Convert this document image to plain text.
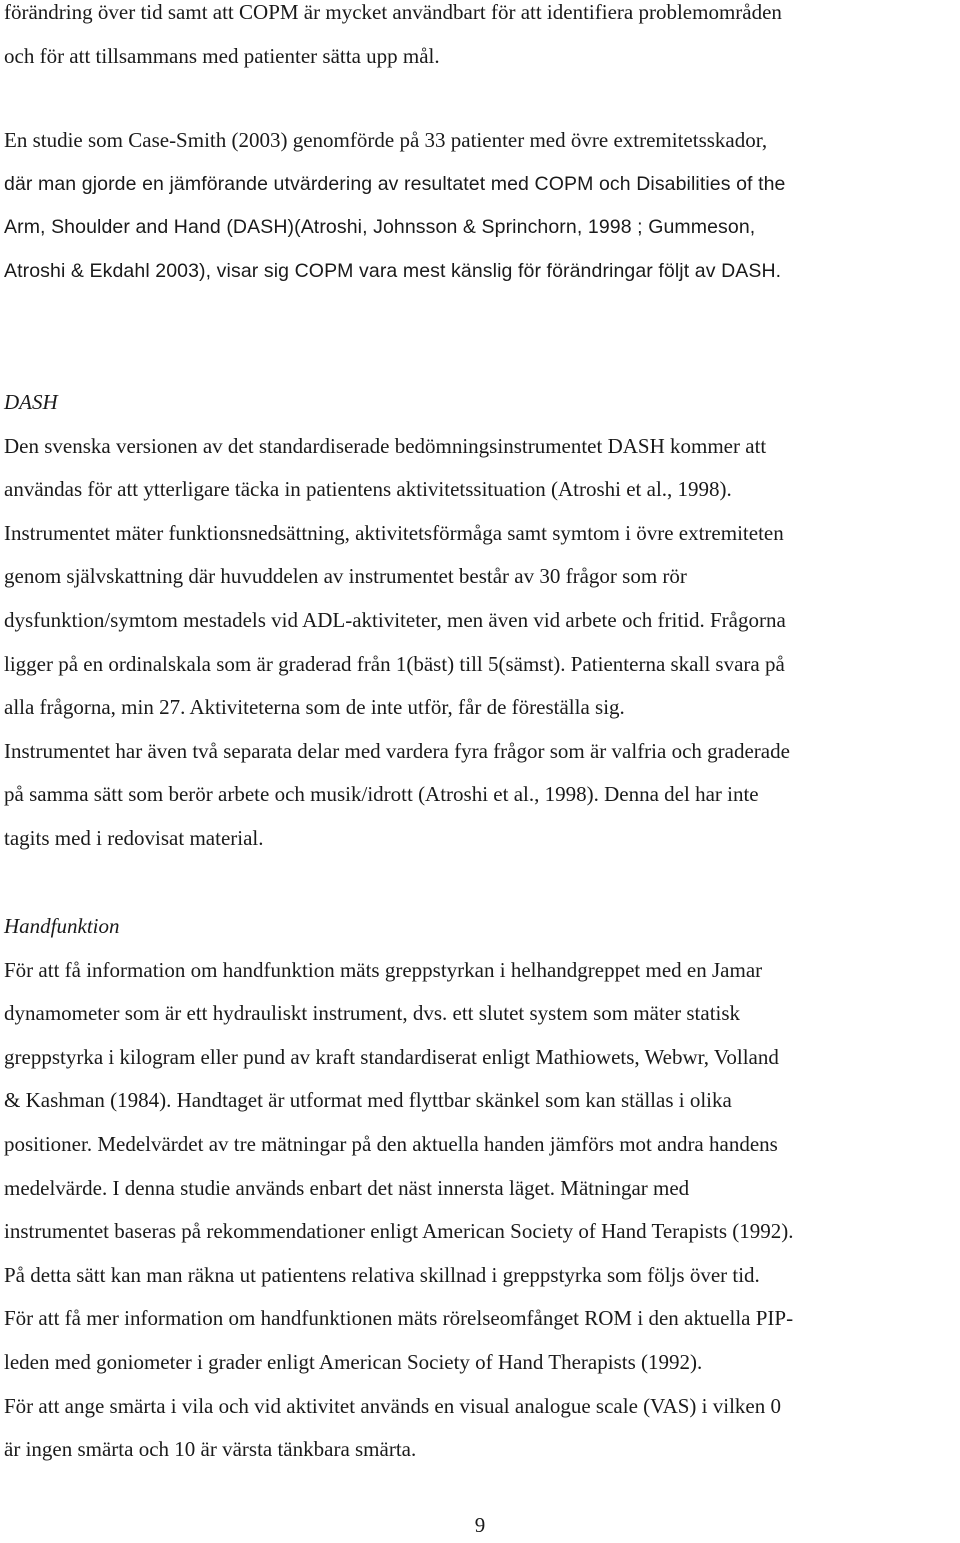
förändring över tid samt att COPM är mycket användbart för att identifiera problemområden
och för att tillsammans med patienter sätta upp mål.
En studie som Case-Smith (2003) genomförde på 33 patienter med övre extremitetsskador,
där man gjorde en jämförande utvärdering av resultatet med COPM och Disabilities of the
Arm, Shoulder and Hand (DASH)(Atroshi, Johnsson & Sprinchorn, 1998 ; Gummeson,
Atroshi & Ekdahl 2003), visar sig COPM vara mest känslig för förändringar följt av DASH.
DASH
Den svenska versionen av det standardiserade bedömningsinstrumentet DASH kommer att
användas för att ytterligare täcka in patientens aktivitetssituation (Atroshi et al., 1998).
Instrumentet mäter funktionsnedsättning, aktivitetsförmåga samt symtom i övre extremiteten
genom självskattning där huvuddelen av instrumentet består av 30 frågor som rör
dysfunktion/symtom mestadels vid ADL-aktiviteter, men även vid arbete och fritid. Frågorna
ligger på en ordinalskala som är graderad från 1(bäst) till 5(sämst). Patienterna skall svara på
alla frågorna, min 27. Aktiviteterna som de inte utför, får de föreställa sig.
Instrumentet har även två separata delar med vardera fyra frågor som är valfria och graderade
på samma sätt som berör arbete och musik/idrott (Atroshi et al., 1998). Denna del har inte
tagits med i redovisat material.
Handfunktion
För att få information om handfunktion mäts greppstyrkan i helhandgreppet med en Jamar
dynamometer som är ett hydrauliskt instrument, dvs. ett slutet system som mäter statisk
greppstyrka i kilogram eller pund av kraft standardiserat enligt Mathiowets, Webwr, Volland
& Kashman (1984). Handtaget är utformat med flyttbar skänkel som kan ställas i olika
positioner. Medelvärdet av tre mätningar på den aktuella handen jämförs mot andra handens
medelvärde. I denna studie används enbart det näst innersta läget. Mätningar med
instrumentet baseras på rekommendationer enligt American Society of Hand Terapists (1992).
På detta sätt kan man räkna ut patientens relativa skillnad i greppstyrka som följs över tid.
För att få mer information om handfunktionen mäts rörelseomfånget ROM i den aktuella PIP-
leden med goniometer i grader enligt American Society of Hand Therapists (1992).
För att ange smärta i vila och vid aktivitet används en visual analogue scale (VAS) i vilken 0
är ingen smärta och 10 är värsta tänkbara smärta.
9
